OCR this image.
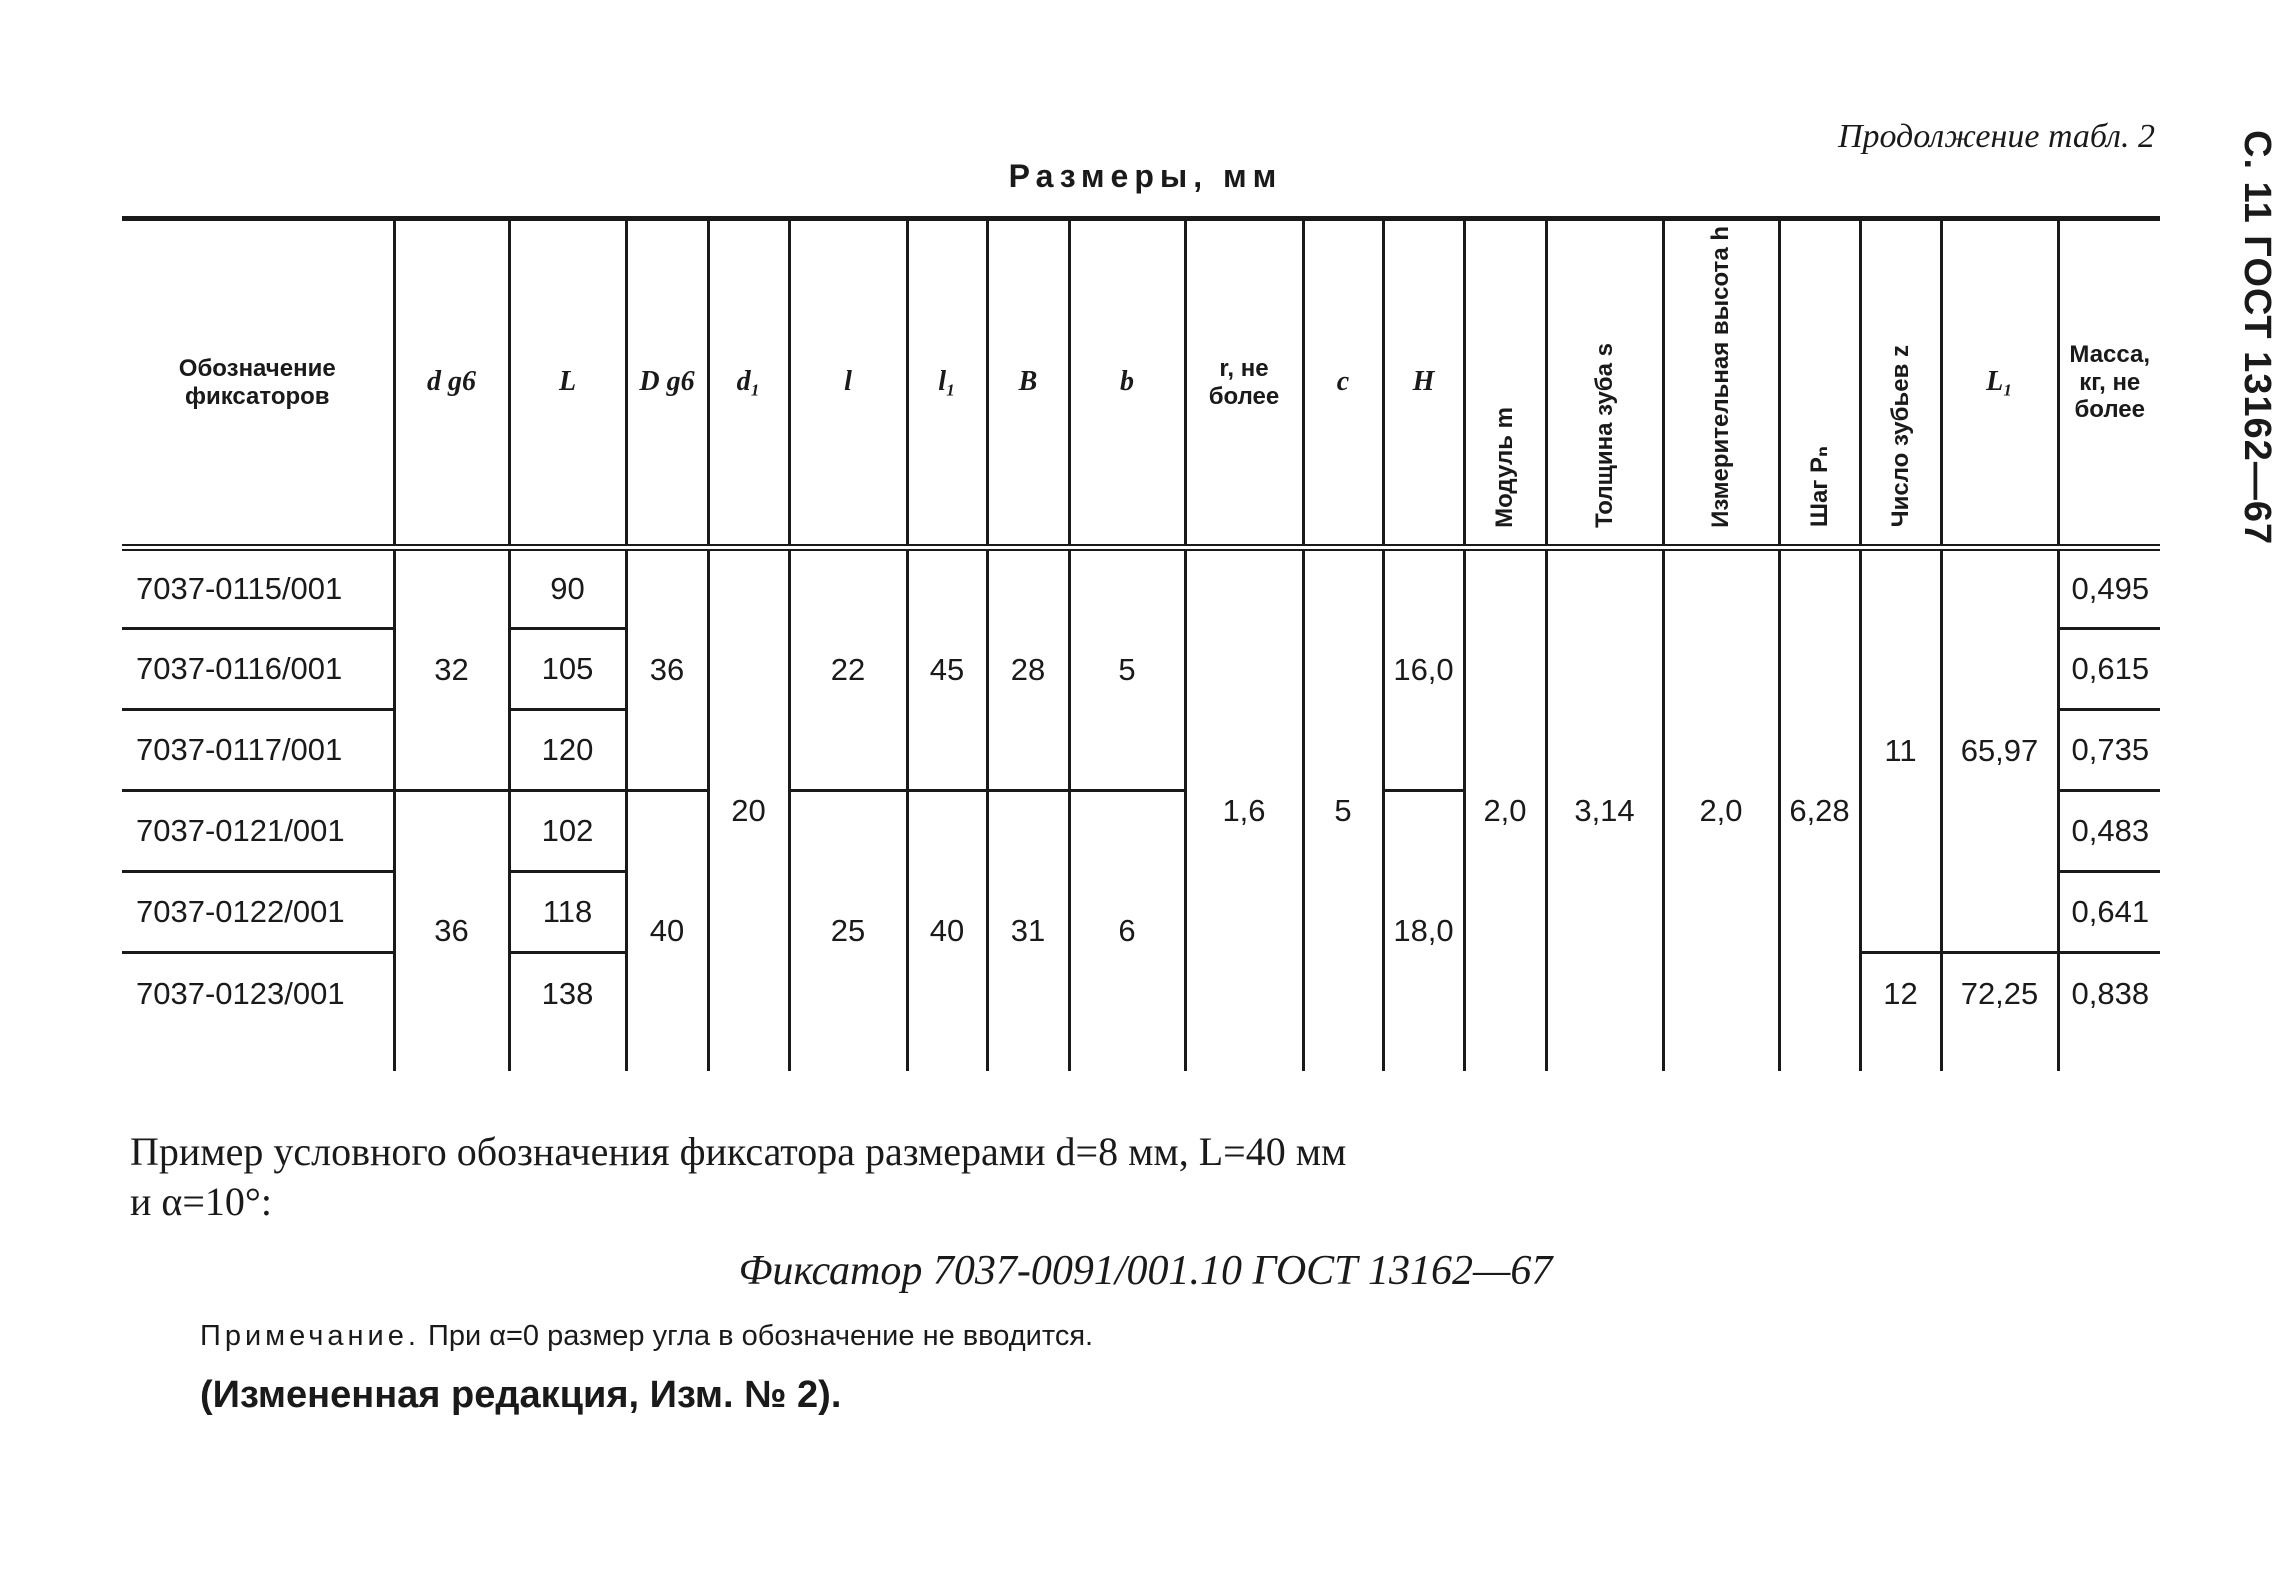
С. 11 ГОСТ 13162—67
Продолжение табл. 2
Размеры, мм
Обозначение фиксаторов	d g6	L	D g6	d₁	l	l₁	B	b	r, не более	c	H	Модуль m	Толщина зуба s	Измерительная высота h	Шаг Pₙ	Число зубьев z	L₁	Масса, кг, не более
7037-0115/001	32	90	36	20	22	45	28	5	1,6	5	16,0	2,0	3,14	2,0	6,28	11	65,97	0,495
7037-0116/001		105																0,615
7037-0117/001		120																0,735
7037-0121/001	36	102	40		25	40	31	6			18,0							0,483
7037-0122/001		118																0,641
7037-0123/001		138														12	72,25	0,838
Пример условного обозначения фиксатора размерами d=8 мм, L=40 мм
и α=10°:
Фиксатор 7037-0091/001.10 ГОСТ 13162—67
Примечание. При α=0 размер угла в обозначение не вводится.
(Измененная редакция, Изм. № 2).
